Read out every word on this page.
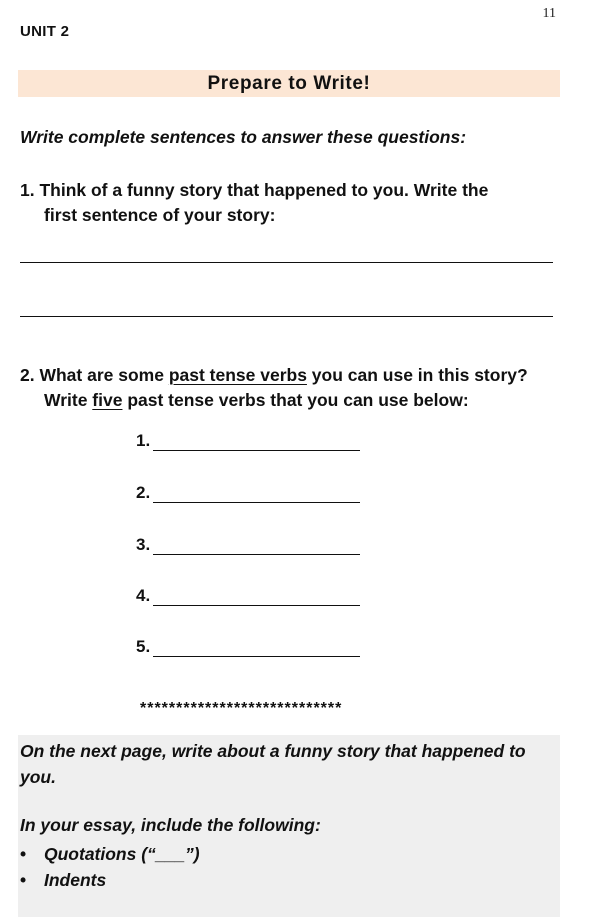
11
UNIT 2
Prepare to Write!
Write complete sentences to answer these questions:
1. Think of a funny story that happened to you. Write the
first sentence of your story:
2. What are some past tense verbs you can use in this story?
Write five past tense verbs that you can use below:
1.
2.
3.
4.
5.
****************************
On the next page, write about a funny story that happened to you.
In your essay, include the following:
•	Quotations (“___”)
•	Indents
